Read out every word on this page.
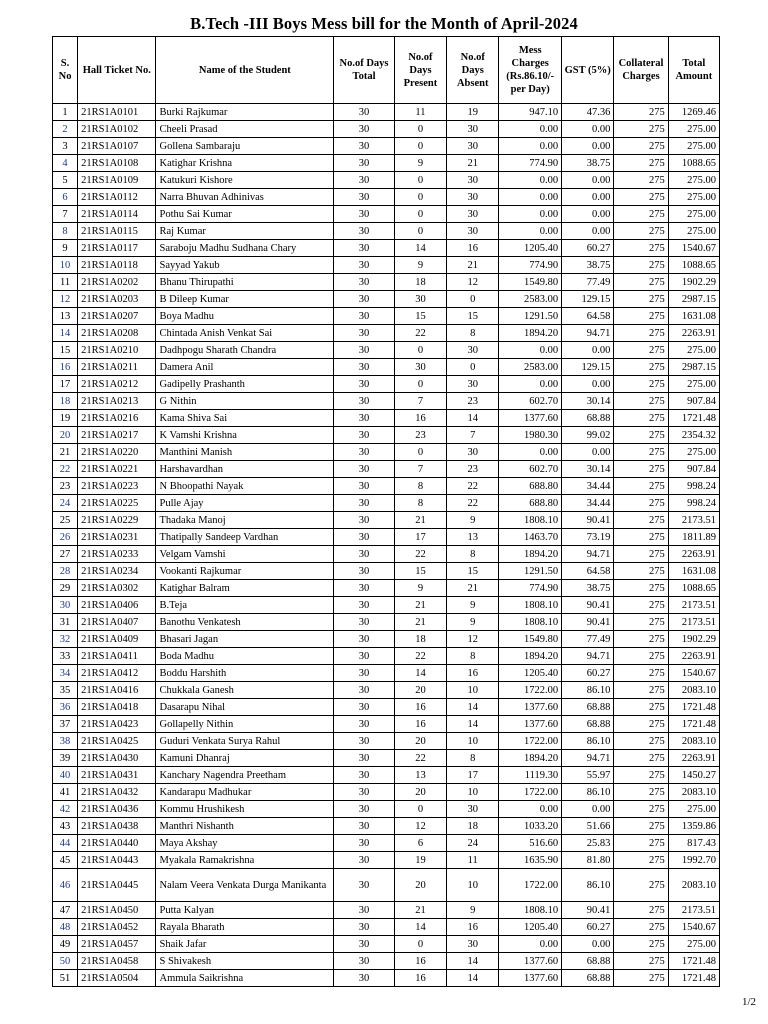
B.Tech -III Boys Mess bill for the Month of April-2024
S. No	Hall Ticket No.	Name of the Student	No.of Days Total	No.of Days Present	No.of Days Absent	Mess Charges (Rs.86.10/- per Day)	GST (5%)	Collateral Charges	Total Amount
1	21RS1A0101	Burki Rajkumar	30	11	19	947.10	47.36	275	1269.46
2	21RS1A0102	Cheeli Prasad	30	0	30	0.00	0.00	275	275.00
3	21RS1A0107	Gollena Sambaraju	30	0	30	0.00	0.00	275	275.00
4	21RS1A0108	Katighar Krishna	30	9	21	774.90	38.75	275	1088.65
5	21RS1A0109	Katukuri Kishore	30	0	30	0.00	0.00	275	275.00
6	21RS1A0112	Narra Bhuvan Adhinivas	30	0	30	0.00	0.00	275	275.00
7	21RS1A0114	Pothu Sai Kumar	30	0	30	0.00	0.00	275	275.00
8	21RS1A0115	Raj Kumar	30	0	30	0.00	0.00	275	275.00
9	21RS1A0117	Saraboju Madhu Sudhana Chary	30	14	16	1205.40	60.27	275	1540.67
10	21RS1A0118	Sayyad Yakub	30	9	21	774.90	38.75	275	1088.65
11	21RS1A0202	Bhanu Thirupathi	30	18	12	1549.80	77.49	275	1902.29
12	21RS1A0203	B Dileep Kumar	30	30	0	2583.00	129.15	275	2987.15
13	21RS1A0207	Boya Madhu	30	15	15	1291.50	64.58	275	1631.08
14	21RS1A0208	Chintada Anish Venkat Sai	30	22	8	1894.20	94.71	275	2263.91
15	21RS1A0210	Dadhpogu Sharath Chandra	30	0	30	0.00	0.00	275	275.00
16	21RS1A0211	Damera Anil	30	30	0	2583.00	129.15	275	2987.15
17	21RS1A0212	Gadipelly Prashanth	30	0	30	0.00	0.00	275	275.00
18	21RS1A0213	G Nithin	30	7	23	602.70	30.14	275	907.84
19	21RS1A0216	Kama Shiva Sai	30	16	14	1377.60	68.88	275	1721.48
20	21RS1A0217	K Vamshi Krishna	30	23	7	1980.30	99.02	275	2354.32
21	21RS1A0220	Manthini Manish	30	0	30	0.00	0.00	275	275.00
22	21RS1A0221	Harshavardhan	30	7	23	602.70	30.14	275	907.84
23	21RS1A0223	N Bhoopathi Nayak	30	8	22	688.80	34.44	275	998.24
24	21RS1A0225	Pulle Ajay	30	8	22	688.80	34.44	275	998.24
25	21RS1A0229	Thadaka Manoj	30	21	9	1808.10	90.41	275	2173.51
26	21RS1A0231	Thatipally Sandeep Vardhan	30	17	13	1463.70	73.19	275	1811.89
27	21RS1A0233	Velgam Vamshi	30	22	8	1894.20	94.71	275	2263.91
28	21RS1A0234	Vookanti Rajkumar	30	15	15	1291.50	64.58	275	1631.08
29	21RS1A0302	Katighar Balram	30	9	21	774.90	38.75	275	1088.65
30	21RS1A0406	B.Teja	30	21	9	1808.10	90.41	275	2173.51
31	21RS1A0407	Banothu Venkatesh	30	21	9	1808.10	90.41	275	2173.51
32	21RS1A0409	Bhasari Jagan	30	18	12	1549.80	77.49	275	1902.29
33	21RS1A0411	Boda Madhu	30	22	8	1894.20	94.71	275	2263.91
34	21RS1A0412	Boddu Harshith	30	14	16	1205.40	60.27	275	1540.67
35	21RS1A0416	Chukkala Ganesh	30	20	10	1722.00	86.10	275	2083.10
36	21RS1A0418	Dasarapu Nihal	30	16	14	1377.60	68.88	275	1721.48
37	21RS1A0423	Gollapelly Nithin	30	16	14	1377.60	68.88	275	1721.48
38	21RS1A0425	Guduri Venkata Surya Rahul	30	20	10	1722.00	86.10	275	2083.10
39	21RS1A0430	Kamuni Dhanraj	30	22	8	1894.20	94.71	275	2263.91
40	21RS1A0431	Kanchary Nagendra Preetham	30	13	17	1119.30	55.97	275	1450.27
41	21RS1A0432	Kandarapu Madhukar	30	20	10	1722.00	86.10	275	2083.10
42	21RS1A0436	Kommu Hrushikesh	30	0	30	0.00	0.00	275	275.00
43	21RS1A0438	Manthri Nishanth	30	12	18	1033.20	51.66	275	1359.86
44	21RS1A0440	Maya Akshay	30	6	24	516.60	25.83	275	817.43
45	21RS1A0443	Myakala Ramakrishna	30	19	11	1635.90	81.80	275	1992.70
46	21RS1A0445	Nalam Veera Venkata Durga Manikanta	30	20	10	1722.00	86.10	275	2083.10
47	21RS1A0450	Putta Kalyan	30	21	9	1808.10	90.41	275	2173.51
48	21RS1A0452	Rayala Bharath	30	14	16	1205.40	60.27	275	1540.67
49	21RS1A0457	Shaik Jafar	30	0	30	0.00	0.00	275	275.00
50	21RS1A0458	S Shivakesh	30	16	14	1377.60	68.88	275	1721.48
51	21RS1A0504	Ammula Saikrishna	30	16	14	1377.60	68.88	275	1721.48
1/2
